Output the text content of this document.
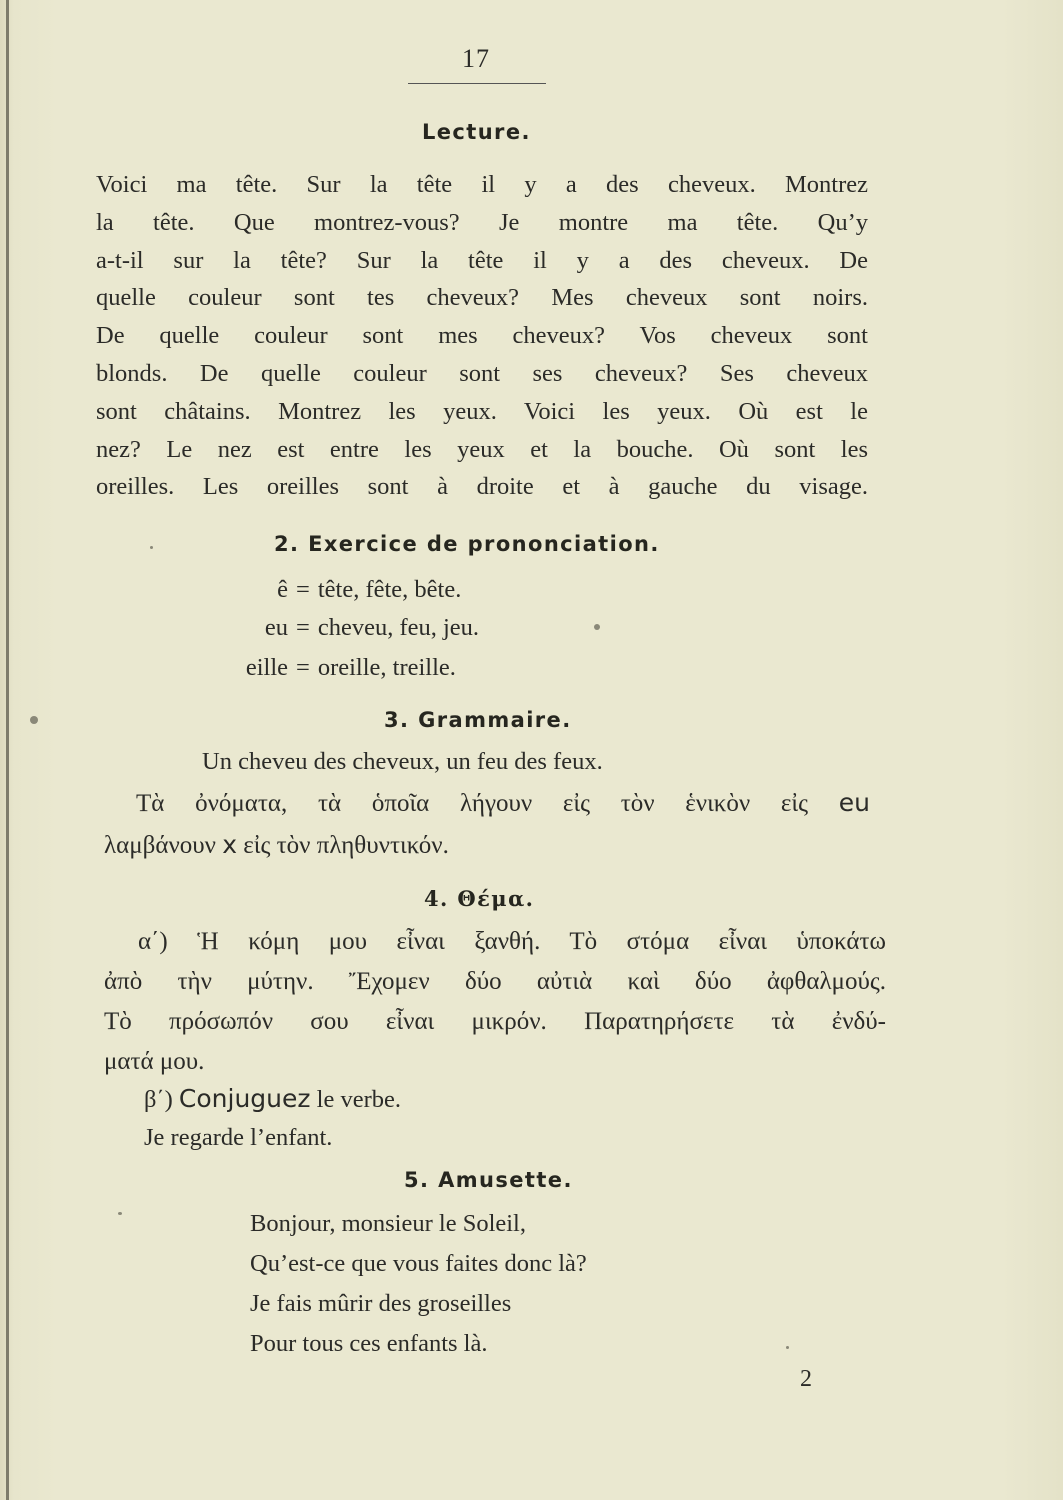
17
Lecture.
Voici ma tête. Sur la tête il y a des cheveux. Montrez
la tête. Que montrez-vous? Je montre ma tête. Qu’y
a-t-il sur la tête? Sur la tête il y a des cheveux. De
quelle couleur sont tes cheveux? Mes cheveux sont noirs.
De quelle couleur sont mes cheveux? Vos cheveux sont
blonds. De quelle couleur sont ses cheveux? Ses cheveux
sont châtains. Montrez les yeux. Voici les yeux. Où est le
nez? Le nez est entre les yeux et la bouche. Où sont les
oreilles. Les oreilles sont à droite et à gauche du visage.
2. Exercice de prononciation.
ê = tête, fête, bête.
eu = cheveu, feu, jeu.
eille = oreille, treille.
3. Grammaire.
Un cheveu des cheveux, un feu des feux.
Τὰ ὀνόματα, τὰ ὁποῖα λήγουν εἰς τὸν ἑνικὸν εἰς eu
λαμβάνουν x εἰς τὸν πληθυντικόν.
4. Θέμα.
α΄) Ἡ κόμη μου εἶναι ξανθή. Τὸ στόμα εἶναι ὑποκάτω
ἀπὸ τὴν μύτην. Ἔχομεν δύο αὐτιὰ καὶ δύο ἀφθαλμούς.
Τὸ πρόσωπόν σου εἶναι μικρόν. Παρατηρήσετε τὰ ἐνδύ-
ματά μου.
β΄) Conjuguez le verbe.
Je regarde l’enfant.
5. Amusette.
Bonjour, monsieur le Soleil,
Qu’est-ce que vous faites donc là?
Je fais mûrir des groseilles
Pour tous ces enfants là.
2
